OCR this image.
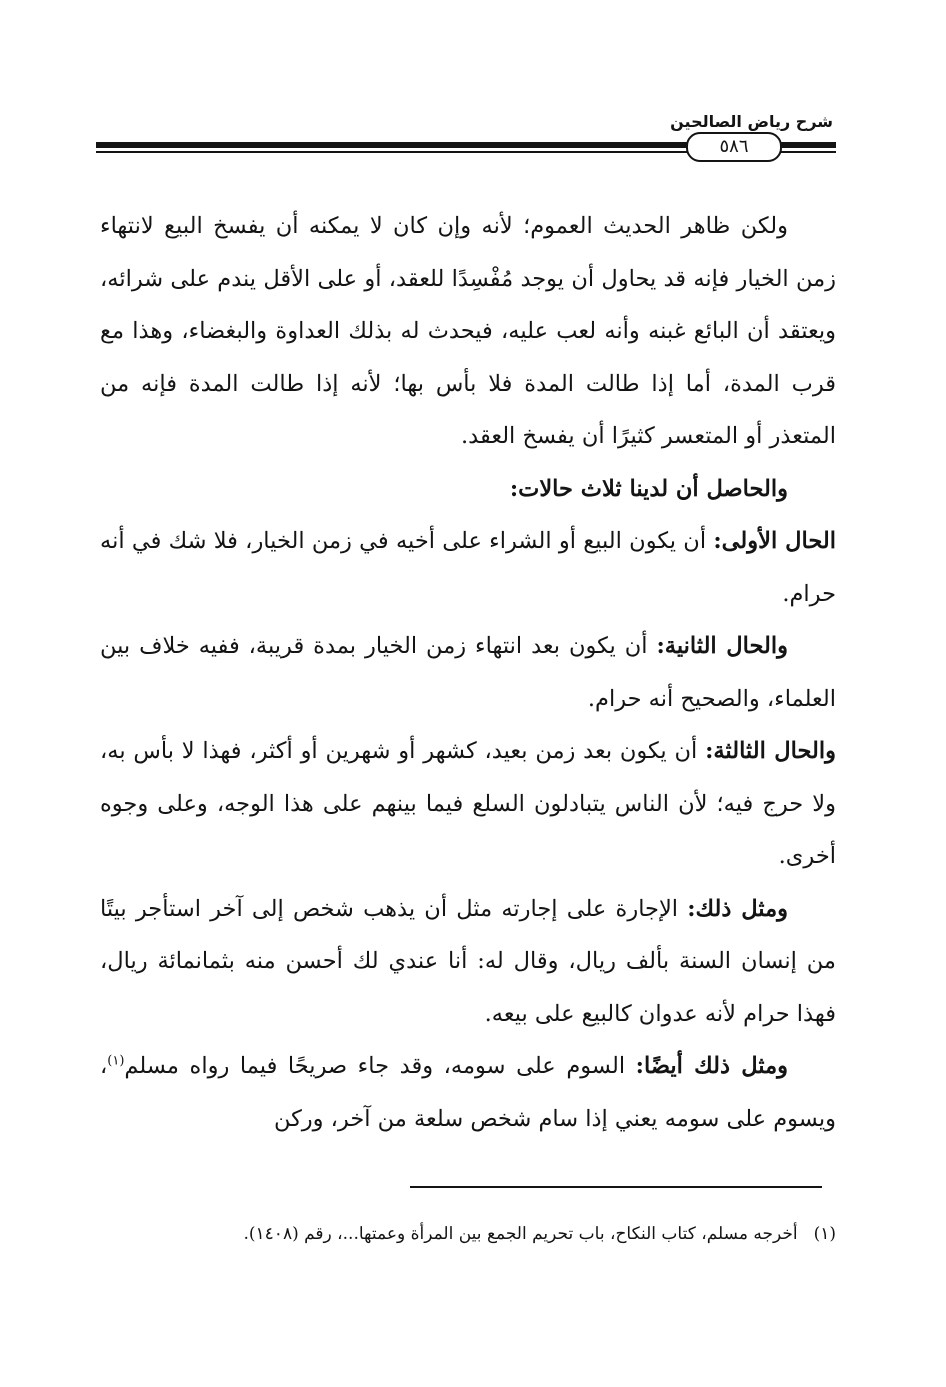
شرح رياض الصالحين

٥٨٦

ولكن ظاهر الحديث العموم؛ لأنه وإن كان لا يمكنه أن يفسخ البيع لانتهاء زمن الخيار فإنه قد يحاول أن يوجد مُفْسِدًا للعقد، أو على الأقل يندم على شرائه، ويعتقد أن البائع غبنه وأنه لعب عليه، فيحدث له بذلك العداوة والبغضاء، وهذا مع قرب المدة، أما إذا طالت المدة فلا بأس بها؛ لأنه إذا طالت المدة فإنه من المتعذر أو المتعسر كثيرًا أن يفسخ العقد.

والحاصل أن لدينا ثلاث حالات:

الحال الأولى: أن يكون البيع أو الشراء على أخيه في زمن الخيار، فلا شك في أنه حرام.

والحال الثانية: أن يكون بعد انتهاء زمن الخيار بمدة قريبة، ففيه خلاف بين العلماء، والصحيح أنه حرام.

والحال الثالثة: أن يكون بعد زمن بعيد، كشهر أو شهرين أو أكثر، فهذا لا بأس به، ولا حرج فيه؛ لأن الناس يتبادلون السلع فيما بينهم على هذا الوجه، وعلى وجوه أخرى.

ومثل ذلك: الإجارة على إجارته مثل أن يذهب شخص إلى آخر استأجر بيتًا من إنسان السنة بألف ريال، وقال له: أنا عندي لك أحسن منه بثمانمائة ريال، فهذا حرام لأنه عدوان كالبيع على بيعه.

ومثل ذلك أيضًا: السوم على سومه، وقد جاء صريحًا فيما رواه مسلم$^{(١)}$، ويسوم على سومه يعني إذا سام شخص سلعة من آخر، وركن

(١)أخرجه مسلم، كتاب النكاح، باب تحريم الجمع بين المرأة وعمتها...، رقم (١٤٠٨).
